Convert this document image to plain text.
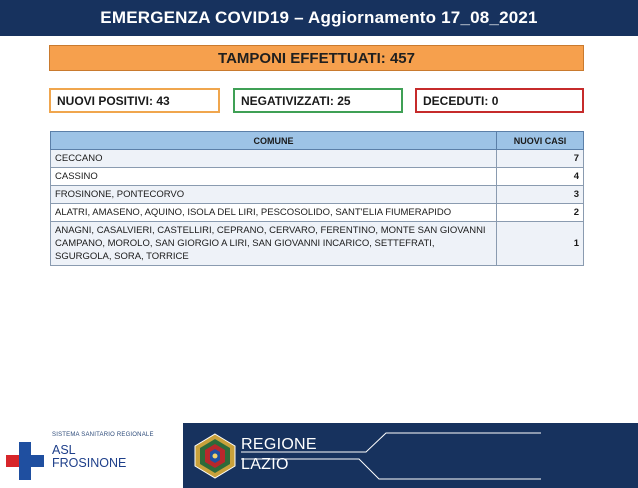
EMERGENZA COVID19 – Aggiornamento 17_08_2021
TAMPONI EFFETTUATI:
457
NUOVI POSITIVI:
43	NEGATIVIZZATI:
25	DECEDUTI:
0
COMUNE	NUOVI CASI
CECCANO	7
CASSINO	4
FROSINONE, PONTECORVO	3
ALATRI, AMASENO, AQUINO, ISOLA DEL LIRI, PESCOSOLIDO, SANT'ELIA FIUMERAPIDO	2
ANAGNI, CASALVIERI, CASTELLIRI, CEPRANO, CERVARO, FERENTINO, MONTE SAN GIOVANNI CAMPANO, MOROLO, SAN GIORGIO A LIRI, SAN GIOVANNI INCARICO, SETTEFRATI, SGURGOLA, SORA, TORRICE	1
SISTEMA SANITARIO REGIONALE
ASL
FROSINONE
REGIONE
LAZIO
